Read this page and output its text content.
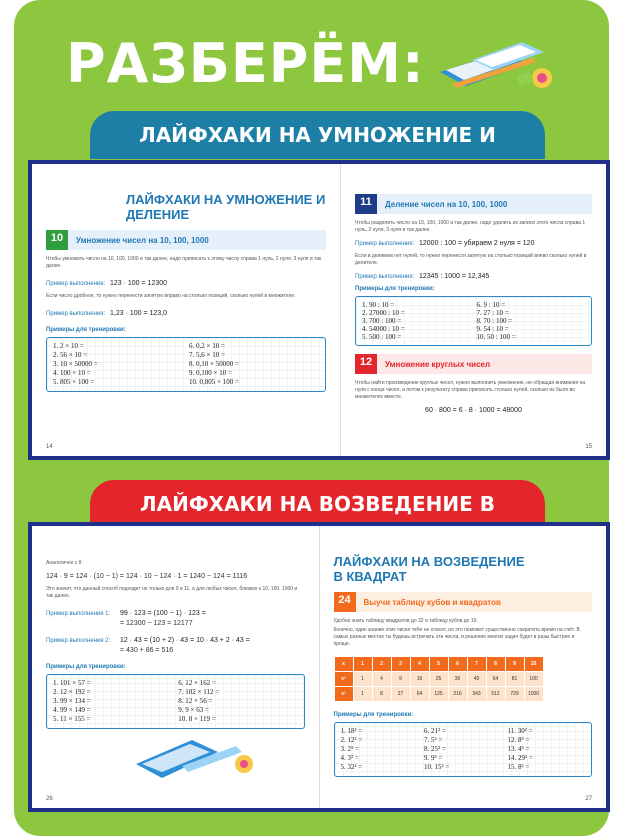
РАЗБЕРЁМ:
ЛАЙФХАКИ НА УМНОЖЕНИЕ И
ЛАЙФХАКИ НА УМНОЖЕНИЕ И ДЕЛЕНИЕ
10	Умножение чисел на 10, 100, 1000
Чтобы умножить число на 10, 100, 1000 и так далее, надо приписать к этому числу справа 1 нуль, 2 нуля, 3 нуля и так далее.
Пример выполнения: 123 · 100 = 12300
Если число дробное, то нужно перенести запятую вправо на столько позиций, сколько нулей в множителе.
Пример выполнения: 1,23 · 100 = 123,0
Примеры для тренировки:
1. 2 × 10 =	6. 0,2 × 10 =
2. 56 × 10 =	7. 5,6 × 10 =
3. 10 × 50000 =	8. 0,10 × 50000 =
4. 100 × 10 =	9. 0,100 × 10 =
5. 805 × 100 =	10. 0,805 × 100 =
14
11	Деление чисел на 10, 100, 1000
Чтобы разделить число на 10, 100, 1000 и так далее, надо удалить из записи этого числа справа 1 нуль, 2 нуля, 3 нуля и так далее.
Пример выполнения: 12000 : 100 = убираем 2 нуля = 120
Если в делимом нет нулей, то нужно перенести запятую на столько позиций влево сколько нулей в делителе.
Пример выполнения: 12345 : 1000 = 12,345
Примеры для тренировки:
1. 90 : 10 =	6. 9 : 10 =
2. 27000 : 10 =	7. 27 : 10 =
3. 700 : 100 =	8. 70 : 100 =
4. 54000 : 10 =	9. 54 : 10 =
5. 500 : 100 =	10. 50 : 100 =
12	Умножение круглых чисел
Чтобы найти произведение круглых чисел, нужно выполнить умножение, не обращая внимания на нули с конца чисел, а потом к результату справа приписать столько нулей, сколько их было во множителях вместе.
60 · 800 = 6 · 8 · 1000 = 48000
15
ЛАЙФХАКИ НА ВОЗВЕДЕНИЕ В
Аналогично с 9:
124 · 9 = 124 · (10 − 1) = 124 · 10 − 124 · 1 = 1240 − 124 = 1116
Это значит, что данный способ подходит не только для 9 и 11, а для любых чисел, близких к 10, 100, 1000 и так далее.
Пример выполнения 1:	99 · 123 = (100 − 1) · 123 =
= 12300 − 123 = 12177
Пример выполнения 2:	12 · 43 = (10 + 2) · 43 = 10 · 43 + 2 · 43 =
= 430 + 86 = 516
Примеры для тренировки:
1. 101 × 57 =	6. 12 × 162 =
2. 12 × 192 =	7. 102 × 112 =
3. 99 × 134 =	8. 12 × 56 =
4. 99 × 149 =	9. 9 × 63 =
5. 11 × 155 =	10. 8 × 119 =
26
ЛАЙФХАКИ НА ВОЗВЕДЕНИЕ В КВАДРАТ
24	Выучи таблицу кубов и квадратов
Удобно знать таблицу квадратов до 32 и таблицу кубов до 10.
Конечно, один знание этих чисел тебе не спасет, но это поможет существенно сократить время на счёт. В самых разных местах ты будешь встречать эти числа, и решение многих задач будет в разы быстрее и проще.
x	1	2	3	4	5	6	7	8	9	10
x²	1	4	9	16	25	36	49	64	81	100
x³	1	8	27	64	125	216	343	512	729	1000
Примеры для тренировки:
1. 18² =	6. 21² =	11. 30² =
2. 12² =	7. 5² =	12. 8³ =
3. 2⁵ =	8. 25² =	13. 4³ =
4. 3³ =	9. 9³ =	14. 29² =
5. 32² =	10. 15² =	15. 8² =
27
